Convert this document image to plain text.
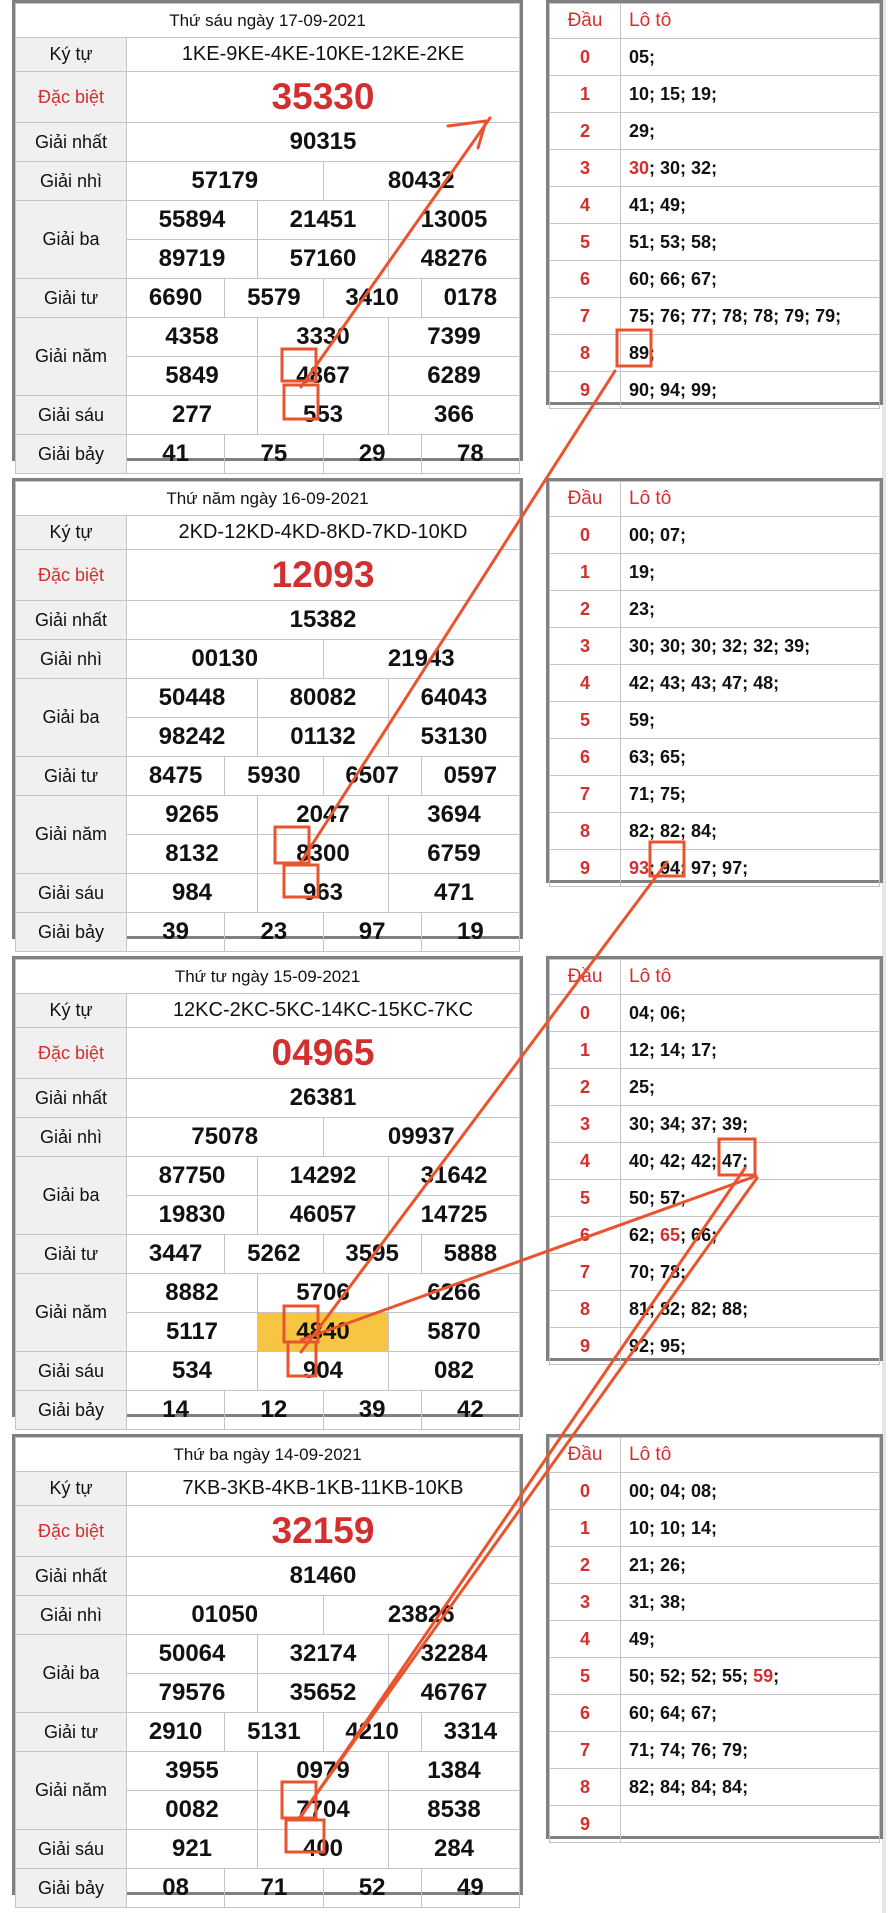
Thứ sáu ngày 17-09-2021						
Ký tự	1KE-9KE-4KE-10KE-12KE-2KE					
Đặc biệt	35330					
Giải nhất	90315					
Giải nhì	57179			80432		
Giải ba	55894		21451		13005	
	89719		57160		48276	
Giải tư	6690	5579		3410		0178
Giải năm	4358		3330		7399	
	5849		4867		6289	
Giải sáu	277		553		366	
Giải bảy	41	75		29		78
Đầu	Lô tô
0	05;
1	10; 15; 19;
2	29;
3	30; 30; 32;
4	41; 49;
5	51; 53; 58;
6	60; 66; 67;
7	75; 76; 77; 78; 78; 79; 79;
8	89;
9	90; 94; 99;
Thứ năm ngày 16-09-2021						
Ký tự	2KD-12KD-4KD-8KD-7KD-10KD					
Đặc biệt	12093					
Giải nhất	15382					
Giải nhì	00130			21943		
Giải ba	50448		80082		64043	
	98242		01132		53130	
Giải tư	8475	5930		6507		0597
Giải năm	9265		2047		3694	
	8132		8300		6759	
Giải sáu	984		963		471	
Giải bảy	39	23		97		19
Đầu	Lô tô
0	00; 07;
1	19;
2	23;
3	30; 30; 30; 32; 32; 39;
4	42; 43; 43; 47; 48;
5	59;
6	63; 65;
7	71; 75;
8	82; 82; 84;
9	93; 94; 97; 97;
Thứ tư ngày 15-09-2021						
Ký tự	12KC-2KC-5KC-14KC-15KC-7KC					
Đặc biệt	04965					
Giải nhất	26381					
Giải nhì	75078			09937		
Giải ba	87750		14292		31642	
	19830		46057		14725	
Giải tư	3447	5262		3595		5888
Giải năm	8882		5706		6266	
	5117		4840		5870	
Giải sáu	534		904		082	
Giải bảy	14	12		39		42
Đầu	Lô tô
0	04; 06;
1	12; 14; 17;
2	25;
3	30; 34; 37; 39;
4	40; 42; 42; 47;
5	50; 57;
6	62; 65; 66;
7	70; 78;
8	81; 82; 82; 88;
9	92; 95;
Thứ ba ngày 14-09-2021						
Ký tự	7KB-3KB-4KB-1KB-11KB-10KB					
Đặc biệt	32159					
Giải nhất	81460					
Giải nhì	01050			23826		
Giải ba	50064		32174		32284	
	79576		35652		46767	
Giải tư	2910	5131		4210		3314
Giải năm	3955		0979		1384	
	0082		7704		8538	
Giải sáu	921		400		284	
Giải bảy	08	71		52		49
Đầu	Lô tô
0	00; 04; 08;
1	10; 10; 14;
2	21; 26;
3	31; 38;
4	49;
5	50; 52; 52; 55; 59;
6	60; 64; 67;
7	71; 74; 76; 79;
8	82; 84; 84; 84;
9	
